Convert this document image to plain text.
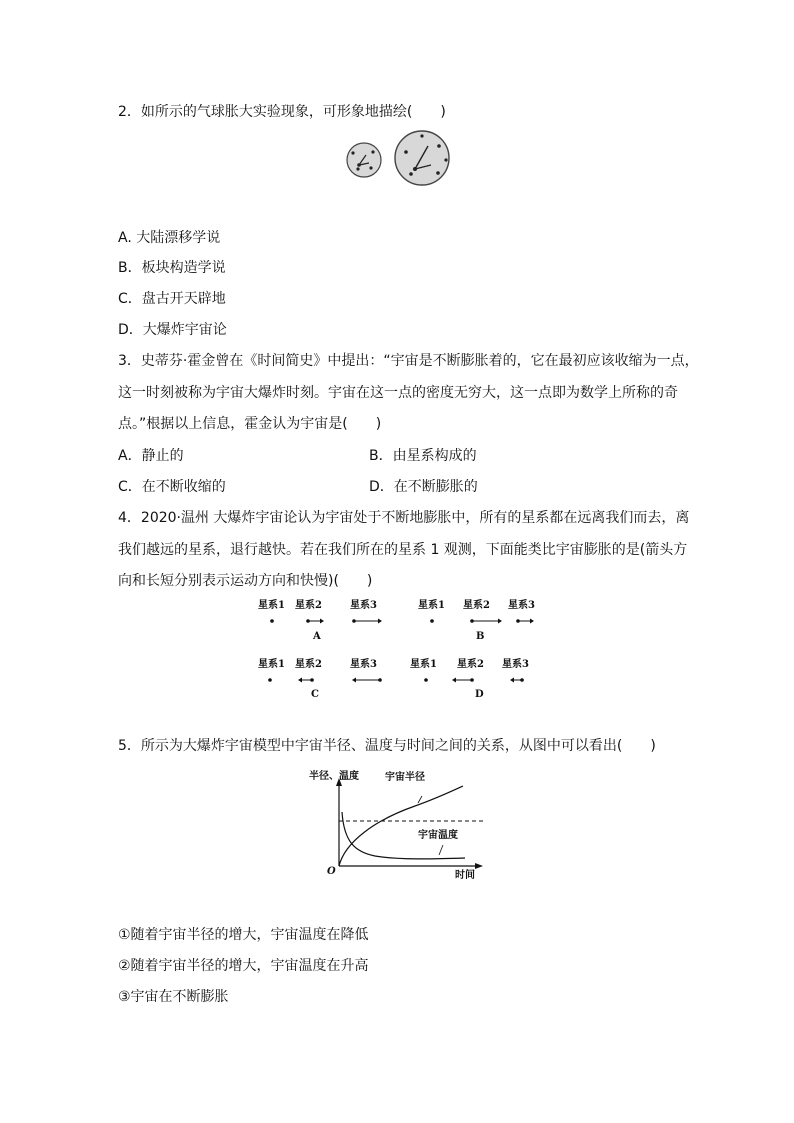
2．如所示的气球胀大实验现象，可形象地描绘(　　)
A. 大陆漂移学说
B．板块构造学说
C．盘古开天辟地
D．大爆炸宇宙论
3．史蒂芬·霍金曾在《时间简史》中提出：“宇宙是不断膨胀着的，它在最初应该收缩为一点，
这一时刻被称为宇宙大爆炸时刻。宇宙在这一点的密度无穷大，这一点即为数学上所称的奇
点。”根据以上信息，霍金认为宇宙是(　　)
A．静止的	B．由星系构成的
C．在不断收缩的	D．在不断膨胀的
4．2020·温州 大爆炸宇宙论认为宇宙处于不断地膨胀中，所有的星系都在远离我们而去，离
我们越远的星系，退行越快。若在我们所在的星系 1 观测，下面能类比宇宙膨胀的是(箭头方
向和长短分别表示运动方向和快慢)(　　)
星系1 星系2	星系3
A
星系1 星系2 星系3
B
星系1 星系2	星系3
C
星系1 星系2 星系3
D
5．所示为大爆炸宇宙模型中宇宙半径、温度与时间之间的关系，从图中可以看出(　　)
半径、温度	宇宙半径
宇宙温度
O	时间
①随着宇宙半径的增大，宇宙温度在降低
②随着宇宙半径的增大，宇宙温度在升高
③宇宙在不断膨胀
